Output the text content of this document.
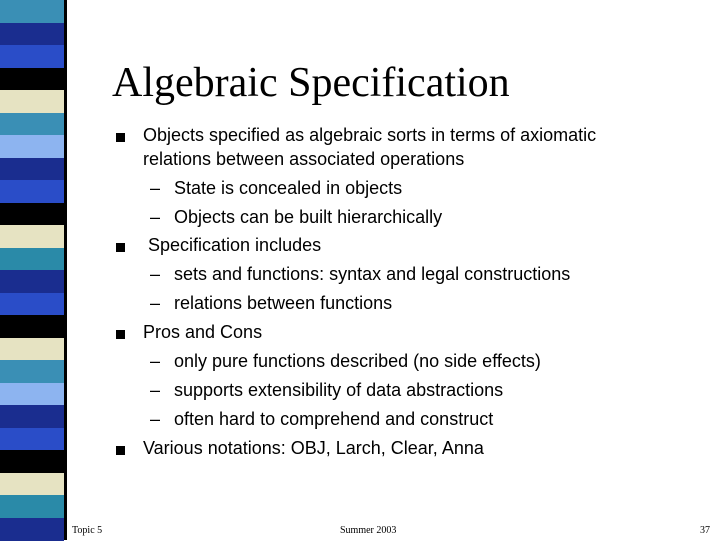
Algebraic Specification
Objects specified as algebraic sorts in terms of axiomatic
relations between associated operations
– State is concealed in objects
– Objects can be built hierarchically
Specification includes
– sets and functions: syntax and legal constructions
– relations between functions
Pros and Cons
– only pure functions described (no side effects)
– supports extensibility of data abstractions
– often hard to comprehend and construct
Various notations: OBJ, Larch, Clear, Anna
Topic 5	Summer 2003	37
